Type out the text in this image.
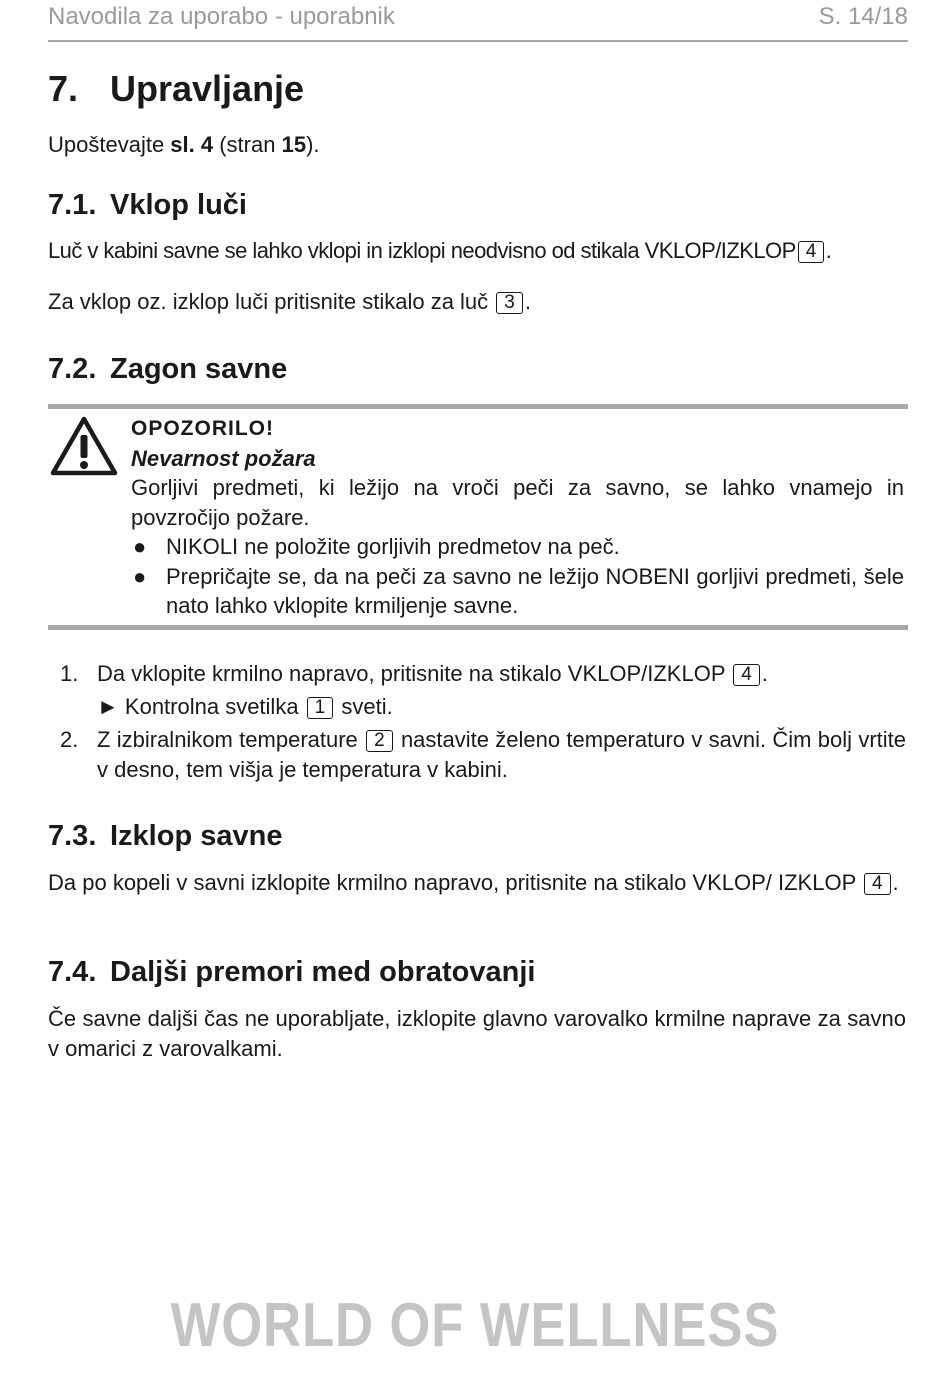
Navodila za uporabo - uporabnik	S. 14/18
7. Upravljanje
Upoštevajte sl. 4 (stran 15).
7.1. Vklop luči
Luč v kabini savne se lahko vklopi in izklopi neodvisno od stikala VKLOP/IZKLOP 4 .
Za vklop oz. izklop luči pritisnite stikalo za luč 3 .
7.2. Zagon savne
OPOZORILO!
Nevarnost požara
Gorljivi predmeti, ki ležijo na vroči peči za savno, se lahko vnamejo in povzročijo požare.
● NIKOLI ne položite gorljivih predmetov na peč.
● Prepričajte se, da na peči za savno ne ležijo NOBENI gorljivi predmeti, šele nato lahko vklopite krmiljenje savne.
1. Da vklopite krmilno napravo, pritisnite na stikalo VKLOP/IZKLOP 4 .
► Kontrolna svetilka 1 sveti.
2. Z izbiralnikom temperature 2 nastavite želeno temperaturo v savni. Čim bolj vrtite v desno, tem višja je temperatura v kabini.
7.3. Izklop savne
Da po kopeli v savni izklopite krmilno napravo, pritisnite na stikalo VKLOP/ IZKLOP 4 .
7.4. Daljši premori med obratovanji
Če savne daljši čas ne uporabljate, izklopite glavno varovalko krmilne naprave za savno v omarici z varovalkami.
WORLD OF WELLNESS
